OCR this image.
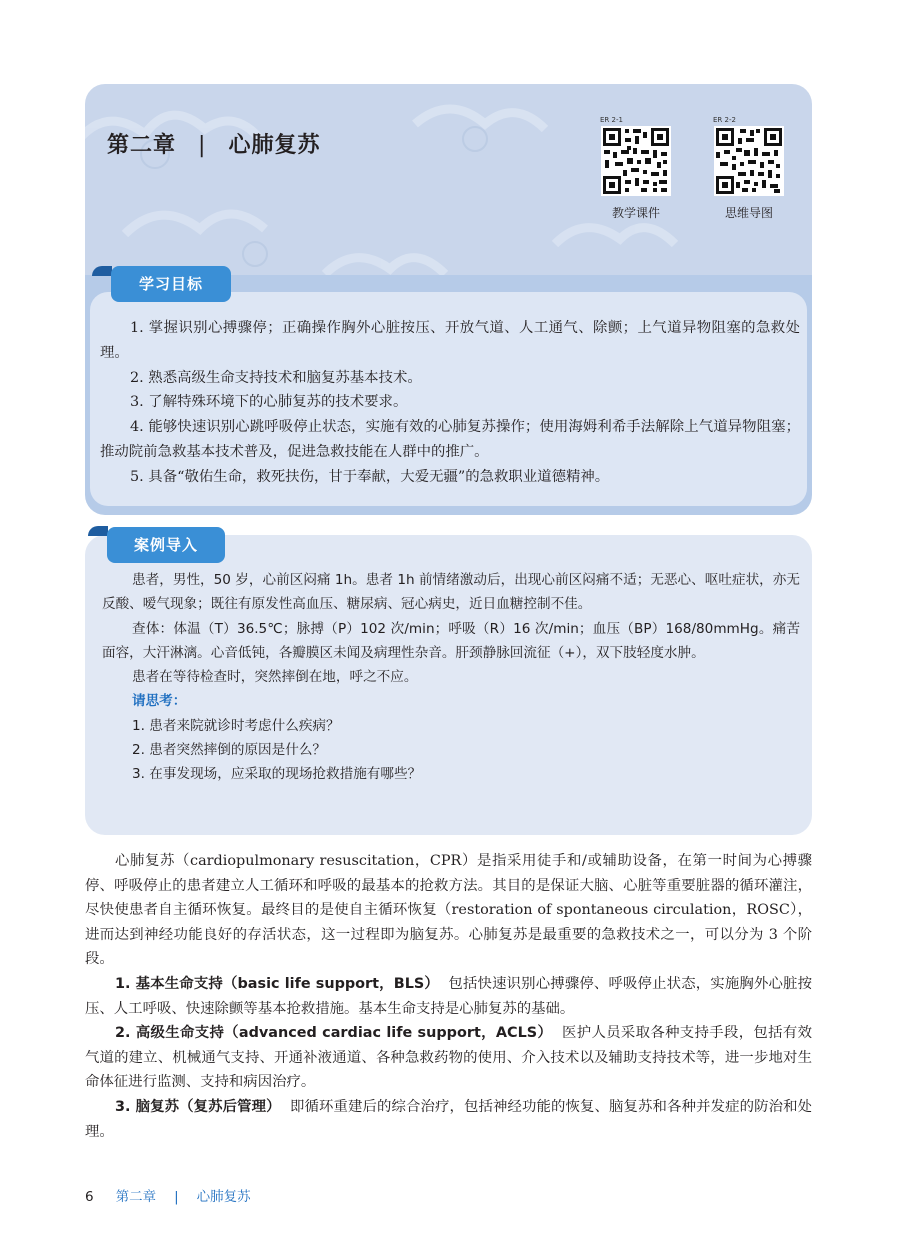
第二章 | 心肺复苏
ER 2-1
教学课件
ER 2-2
思维导图
学习目标

1. 掌握识别心搏骤停；正确操作胸外心脏按压、开放气道、人工通气、除颤；上气道异物阻塞的急救处理。

2. 熟悉高级生命支持技术和脑复苏基本技术。

3. 了解特殊环境下的心肺复苏的技术要求。

4. 能够快速识别心跳呼吸停止状态，实施有效的心肺复苏操作；使用海姆利希手法解除上气道异物阻塞；推动院前急救基本技术普及，促进急救技能在人群中的推广。

5. 具备“敬佑生命，救死扶伤，甘于奉献，大爱无疆”的急救职业道德精神。

案例导入

患者，男性，50 岁，心前区闷痛 1h。患者 1h 前情绪激动后，出现心前区闷痛不适；无恶心、呕吐症状，亦无反酸、嗳气现象；既往有原发性高血压、糖尿病、冠心病史，近日血糖控制不佳。

查体：体温（T）36.5℃；脉搏（P）102 次/min；呼吸（R）16 次/min；血压（BP）168/80mmHg。痛苦面容，大汗淋漓。心音低钝，各瓣膜区未闻及病理性杂音。肝颈静脉回流征（+），双下肢轻度水肿。

患者在等待检查时，突然摔倒在地，呼之不应。

请思考：

1. 患者来院就诊时考虑什么疾病？

2. 患者突然摔倒的原因是什么？

3. 在事发现场，应采取的现场抢救措施有哪些？

心肺复苏（cardiopulmonary resuscitation，CPR）是指采用徒手和/或辅助设备，在第一时间为心搏骤停、呼吸停止的患者建立人工循环和呼吸的最基本的抢救方法。其目的是保证大脑、心脏等重要脏器的循环灌注，尽快使患者自主循环恢复。最终目的是使自主循环恢复（restoration of spontaneous circulation，ROSC），进而达到神经功能良好的存活状态，这一过程即为脑复苏。心肺复苏是最重要的急救技术之一，可以分为 3 个阶段。

1. 基本生命支持（basic life support，BLS） 包括快速识别心搏骤停、呼吸停止状态，实施胸外心脏按压、人工呼吸、快速除颤等基本抢救措施。基本生命支持是心肺复苏的基础。

2. 高级生命支持（advanced cardiac life support，ACLS） 医护人员采取各种支持手段，包括有效气道的建立、机械通气支持、开通补液通道、各种急救药物的使用、介入技术以及辅助支持技术等，进一步地对生命体征进行监测、支持和病因治疗。

3. 脑复苏（复苏后管理） 即循环重建后的综合治疗，包括神经功能的恢复、脑复苏和各种并发症的防治和处理。

6 第二章 | 心肺复苏
